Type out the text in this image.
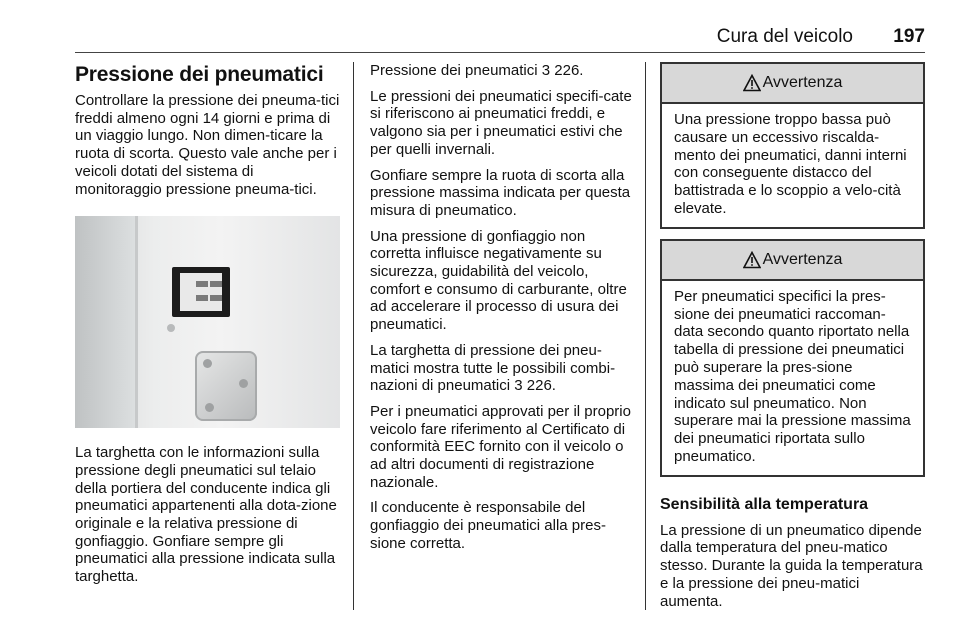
Cura del veicolo 197
Pressione dei pneumatici

Controllare la pressione dei pneuma-tici freddi almeno ogni 14 giorni e prima di un viaggio lungo. Non dimen-ticare la ruota di scorta. Questo vale anche per i veicoli dotati del sistema di monitoraggio pressione pneuma-tici.

La targhetta con le informazioni sulla pressione degli pneumatici sul telaio della portiera del conducente indica gli pneumatici appartenenti alla dota-zione originale e la relativa pressione di gonfiaggio. Gonfiare sempre gli pneumatici alla pressione indicata sulla targhetta.

Pressione dei pneumatici 3 226.

Le pressioni dei pneumatici specifi-cate si riferiscono ai pneumatici freddi, e valgono sia per i pneumatici estivi che per quelli invernali.

Gonfiare sempre la ruota di scorta alla pressione massima indicata per questa misura di pneumatico.

Una pressione di gonfiaggio non corretta influisce negativamente su sicurezza, guidabilità del veicolo, comfort e consumo di carburante, oltre ad accelerare il processo di usura dei pneumatici.

La targhetta di pressione dei pneu-matici mostra tutte le possibili combi-nazioni di pneumatici 3 226.

Per i pneumatici approvati per il proprio veicolo fare riferimento al Certificato di conformità EEC fornito con il veicolo o ad altri documenti di registrazione nazionale.

Il conducente è responsabile del gonfiaggio dei pneumatici alla pres-sione corretta.

Avvertenza

Una pressione troppo bassa può causare un eccessivo riscalda-mento dei pneumatici, danni interni con conseguente distacco del battistrada e lo scoppio a velo-cità elevate.

Avvertenza

Per pneumatici specifici la pres-sione dei pneumatici raccoman-data secondo quanto riportato nella tabella di pressione dei pneumatici può superare la pres-sione massima dei pneumatici come indicato sul pneumatico. Non superare mai la pressione massima dei pneumatici riportata sullo pneumatico.

Sensibilità alla temperatura

La pressione di un pneumatico dipende dalla temperatura del pneu-matico stesso. Durante la guida la temperatura e la pressione dei pneu-matici aumenta.
